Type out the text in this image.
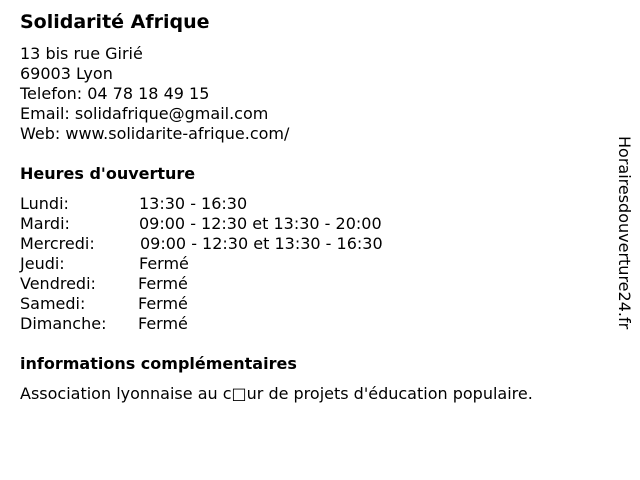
Solidarité Afrique
13 bis rue Girié
69003 Lyon
Telefon: 04 78 18 49 15
Email: solidafrique@gmail.com
Web: www.solidarite-afrique.com/
Heures d'ouverture
Lundi:	13:30 - 16:30
Mardi:	09:00 - 12:30 et 13:30 - 20:00
Mercredi:	09:00 - 12:30 et 13:30 - 16:30
Jeudi:	Fermé
Vendredi:	Fermé
Samedi:	Fermé
Dimanche: Fermé
informations complémentaires
Association lyonnaise au c□ur de projets d'éducation populaire.
Horairesdouverture24.fr
